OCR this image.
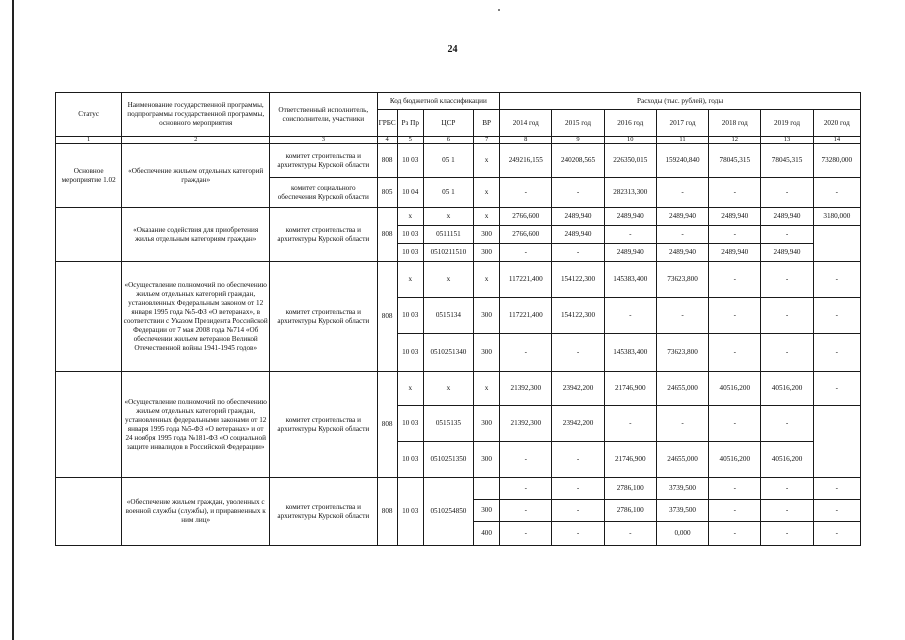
24
Статус	Наименование государственной программы, подпрограммы государственной программы, основного мероприятия	Ответственный исполнитель, соисполнители, участники	Код бюджетной классификации				Расходы (тыс. рублей), годы						
			ГРБС	Рз Пр	ЦСР	ВР	2014 год	2015 год	2016 год	2017 год	2018 год	2019 год	2020 год
1	2	3	4	5	6	7	8	9	10	11	12	13	14
Основное мероприятие 1.02	«Обеспечение жильем отдельных категорий граждан»	комитет строительства и архитектуры Курской области	808	10 03	05 1	х	249216,155	240208,565	226350,015	159240,840	78045,315	78045,315	73280,000
		комитет социального обеспечения Курской области	805	10 04	05 1	х	-	-	282313,300	-	-	-	-
	«Оказание содействия для приобретения жилья отдельным категориям граждан»	комитет строительства и архитектуры Курской области	808	х	х	х	2766,600	2489,940	2489,940	2489,940	2489,940	2489,940	3180,000
				10 03	0511151	300	2766,600	2489,940	-	-	-	-	
				10 03	0510211510	300	-	-	2489,940	2489,940	2489,940	2489,940	
	«Осуществление полномочий по обеспечению жильем отдельных категорий граждан, установленных Федеральным законом от 12 января 1995 года №5-ФЗ «О ветеранах», в соответствии с Указом Президента Российской Федерации от 7 мая 2008 года №714 «Об обеспечении жильем ветеранов Великой Отечественной войны 1941-1945 годов»	комитет строительства и архитектуры Курской области	808	х	х	х	117221,400	154122,300	145383,400	73623,800	-	-	-
				10 03	0515134	300	117221,400	154122,300	-	-	-	-	-
				10 03	0510251340	300	-	-	145383,400	73623,800	-	-	-
	«Осуществление полномочий по обеспечению жильем отдельных категорий граждан, установленных федеральными законами от 12 января 1995 года №5-ФЗ «О ветеранах» и от 24 ноября 1995 года №181-ФЗ «О социальной защите инвалидов в Российской Федерации»	комитет строительства и архитектуры Курской области	808	х	х	х	21392,300	23942,200	21746,900	24655,000	40516,200	40516,200	-
				10 03	0515135	300	21392,300	23942,200	-	-	-	-	
				10 03	0510251350	300	-	-	21746,900	24655,000	40516,200	40516,200	
	«Обеспечение жильем граждан, уволенных с военной службы (службы), и приравненных к ним лиц»	комитет строительства и архитектуры Курской области	808	10 03	0510254850		-	-	2786,100	3739,500	-	-	-
						300	-	-	2786,100	3739,500	-	-	-
						400	-	-	-	0,000	-	-	-
